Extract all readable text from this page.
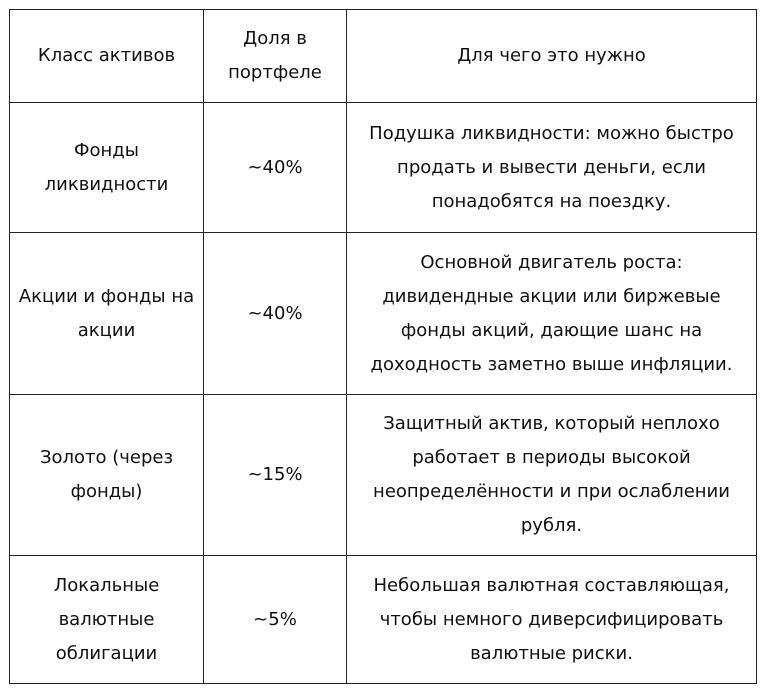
Класс активов	Доля в портфеле	Для чего это нужно
Фонды ликвидности	~40%	Подушка ликвидности: можно быстро продать и вывести деньги, если понадобятся на поездку.
Акции и фонды на акции	~40%	Основной двигатель роста: дивидендные акции или биржевые фонды акций, дающие шанс на доходность заметно выше инфляции.
Золото (через фонды)	~15%	Защитный актив, который неплохо работает в периоды высокой неопределённости и при ослаблении рубля.
Локальные валютные облигации	~5%	Небольшая валютная составляющая, чтобы немного диверсифицировать валютные риски.
